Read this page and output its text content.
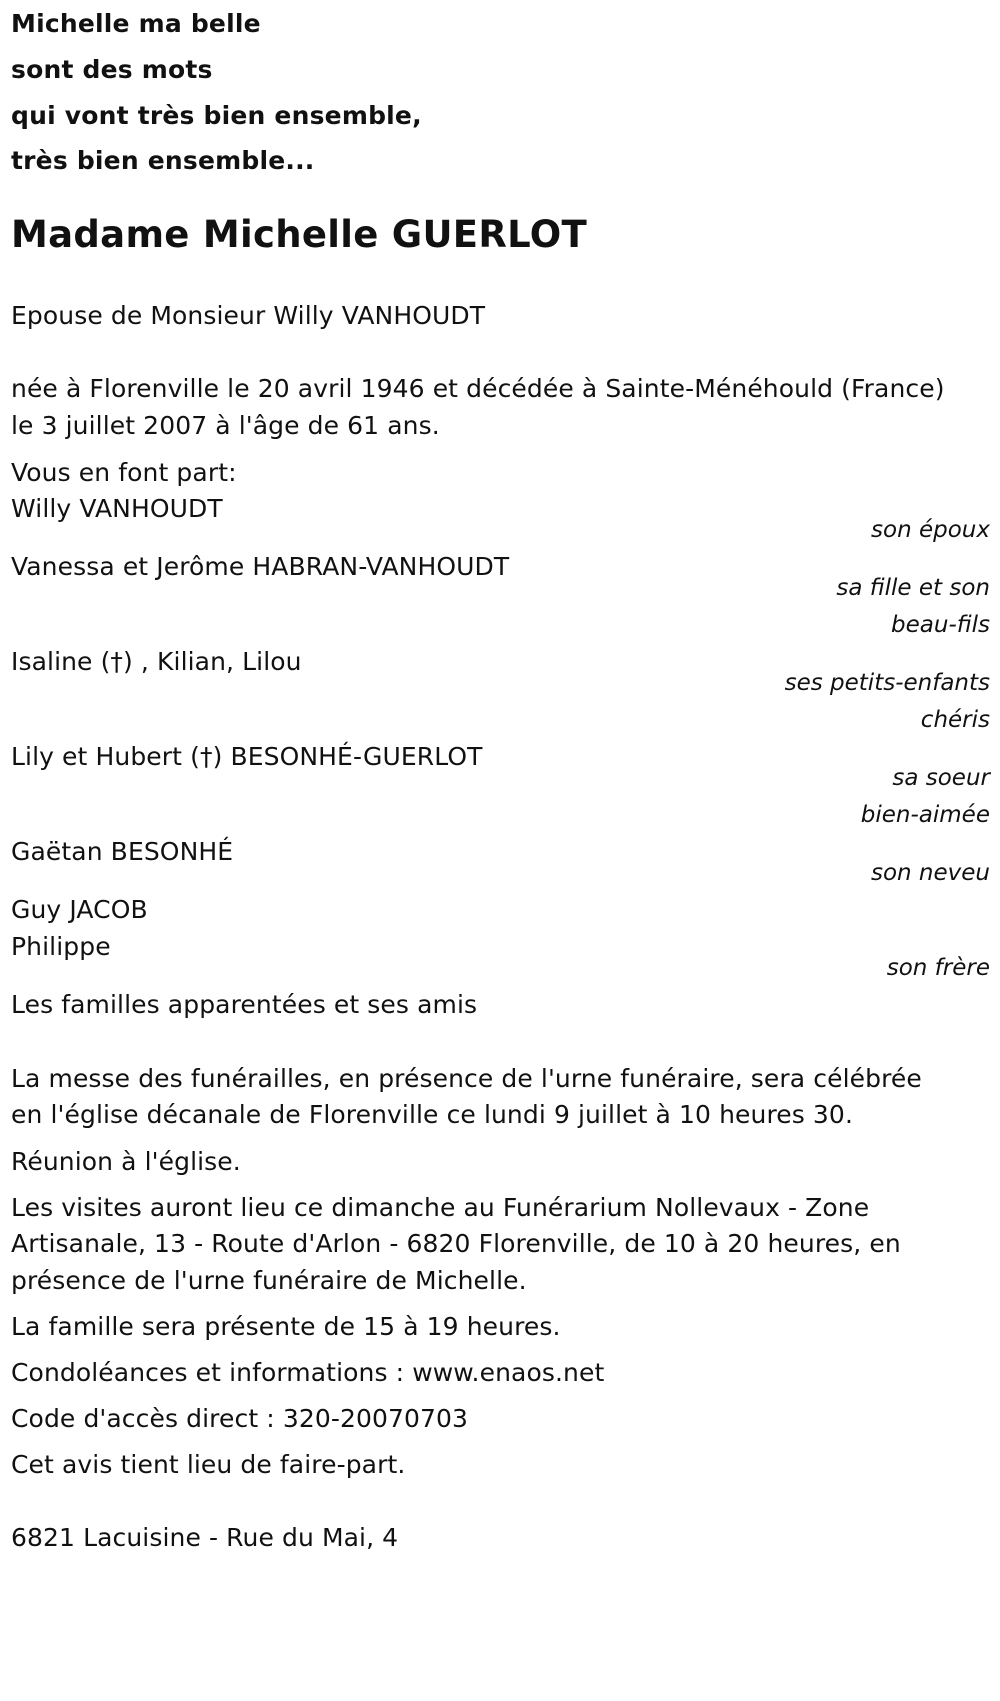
Michelle ma belle
sont des mots
qui vont très bien ensemble,
très bien ensemble...
Madame Michelle GUERLOT
Epouse de Monsieur Willy VANHOUDT
née à Florenville le 20 avril 1946 et décédée à Sainte-Ménéhould (France)
le 3 juillet 2007 à l'âge de 61 ans.
Vous en font part:
Willy VANHOUDT
son époux
Vanessa et Jerôme HABRAN-VANHOUDT
sa fille et son
beau-fils
Isaline (†) , Kilian, Lilou
ses petits-enfants
chéris
Lily et Hubert (†) BESONHÉ-GUERLOT
sa soeur
bien-aimée
Gaëtan BESONHÉ
son neveu
Guy JACOB
Philippe
son frère
Les familles apparentées et ses amis
La messe des funérailles, en présence de l'urne funéraire, sera célébrée
en l'église décanale de Florenville ce lundi 9 juillet à 10 heures 30.
Réunion à l'église.
Les visites auront lieu ce dimanche au Funérarium Nollevaux - Zone
Artisanale, 13 - Route d'Arlon - 6820 Florenville, de 10 à 20 heures, en
présence de l'urne funéraire de Michelle.
La famille sera présente de 15 à 19 heures.
Condoléances et informations : www.enaos.net
Code d'accès direct : 320-20070703
Cet avis tient lieu de faire-part.
6821 Lacuisine - Rue du Mai, 4
